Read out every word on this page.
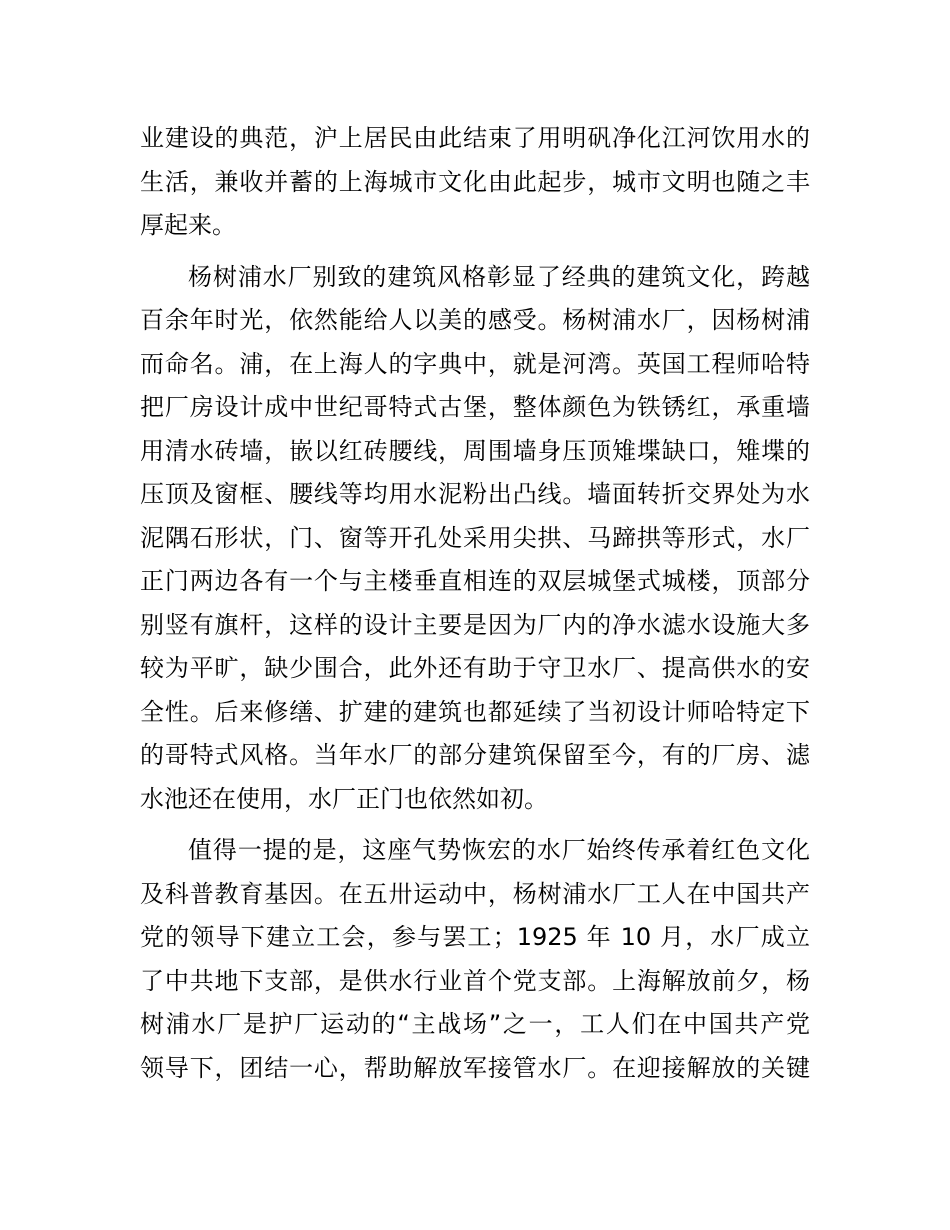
业建设的典范，沪上居民由此结束了用明矾净化江河饮用水的
生活，兼收并蓄的上海城市文化由此起步，城市文明也随之丰
厚起来。

杨树浦水厂别致的建筑风格彰显了经典的建筑文化，跨越
百余年时光，依然能给人以美的感受。杨树浦水厂，因杨树浦
而命名。浦，在上海人的字典中，就是河湾。英国工程师哈特
把厂房设计成中世纪哥特式古堡，整体颜色为铁锈红，承重墙
用清水砖墙，嵌以红砖腰线，周围墙身压顶雉堞缺口，雉堞的
压顶及窗框、腰线等均用水泥粉出凸线。墙面转折交界处为水
泥隅石形状，门、窗等开孔处采用尖拱、马蹄拱等形式，水厂
正门两边各有一个与主楼垂直相连的双层城堡式城楼，顶部分
别竖有旗杆，这样的设计主要是因为厂内的净水滤水设施大多
较为平旷，缺少围合，此外还有助于守卫水厂、提高供水的安
全性。后来修缮、扩建的建筑也都延续了当初设计师哈特定下
的哥特式风格。当年水厂的部分建筑保留至今，有的厂房、滤
水池还在使用，水厂正门也依然如初。

值得一提的是，这座气势恢宏的水厂始终传承着红色文化
及科普教育基因。在五卅运动中，杨树浦水厂工人在中国共产
党的领导下建立工会，参与罢工；1925 年 10 月，水厂成立
了中共地下支部，是供水行业首个党支部。上海解放前夕，杨
树浦水厂是护厂运动的“主战场”之一，工人们在中国共产党
领导下，团结一心，帮助解放军接管水厂。在迎接解放的关键
